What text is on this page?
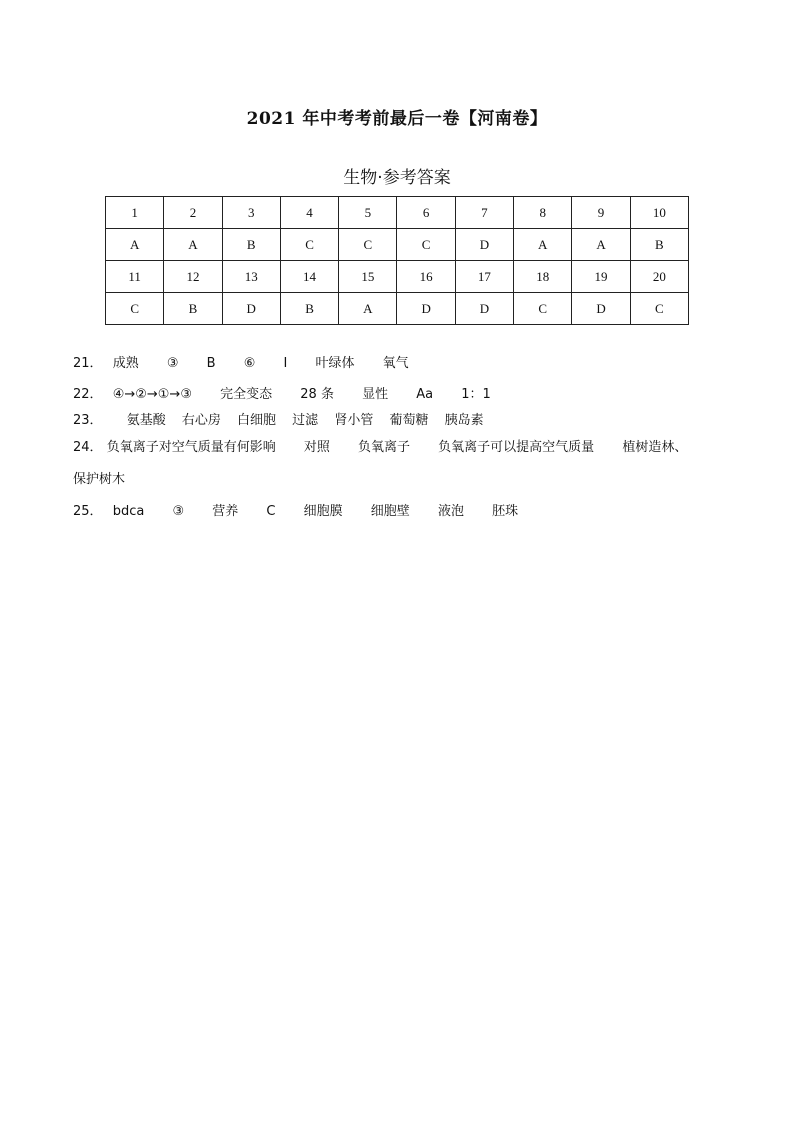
2021 年中考考前最后一卷【河南卷】
生物·参考答案
1	2	3	4	5	6	7	8	9	10
A	A	B	C	C	C	D	A	A	B
11	12	13	14	15	16	17	18	19	20
C	B	D	B	A	D	D	C	D	C
21． 成熟 ③ B ⑥ I 叶绿体 氧气
22． ④→②→①→③ 完全变态 28 条 显性 Aa 1：1
23． 氨基酸 右心房 白细胞 过滤 肾小管 葡萄糖 胰岛素
24． 负氧离子对空气质量有何影响 对照 负氧离子 负氧离子可以提高空气质量 植树造林、
保护树木
25． bdca ③ 营养 C 细胞膜 细胞壁 液泡 胚珠
